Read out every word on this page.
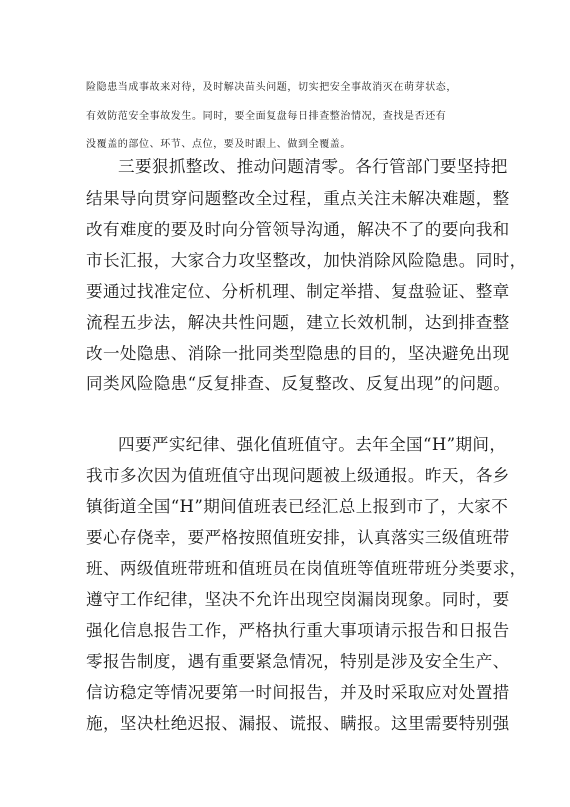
险隐患当成事故来对待，及时解决苗头问题，切实把安全事故消灭在萌芽状态，
有效防范安全事故发生。同时，要全面复盘每日排查整治情况，查找是否还有
没覆盖的部位、环节、点位，要及时跟上、做到全覆盖。
三要狠抓整改、推动问题清零。各行管部门要坚持把
结果导向贯穿问题整改全过程，重点关注未解决难题，整
改有难度的要及时向分管领导沟通，解决不了的要向我和
市长汇报，大家合力攻坚整改，加快消除风险隐患。同时，
要通过找准定位、分析机理、制定举措、复盘验证、整章
流程五步法，解决共性问题，建立长效机制，达到排查整
改一处隐患、消除一批同类型隐患的目的，坚决避免出现
同类风险隐患“反复排查、反复整改、反复出现”的问题。
四要严实纪律、强化值班值守。去年全国“H”期间，
我市多次因为值班值守出现问题被上级通报。昨天，各乡
镇街道全国“H”期间值班表已经汇总上报到市了，大家不
要心存侥幸，要严格按照值班安排，认真落实三级值班带
班、两级值班带班和值班员在岗值班等值班带班分类要求，
遵守工作纪律，坚决不允许出现空岗漏岗现象。同时，要
强化信息报告工作，严格执行重大事项请示报告和日报告
零报告制度，遇有重要紧急情况，特别是涉及安全生产、
信访稳定等情况要第一时间报告，并及时采取应对处置措
施，坚决杜绝迟报、漏报、谎报、瞒报。这里需要特别强
